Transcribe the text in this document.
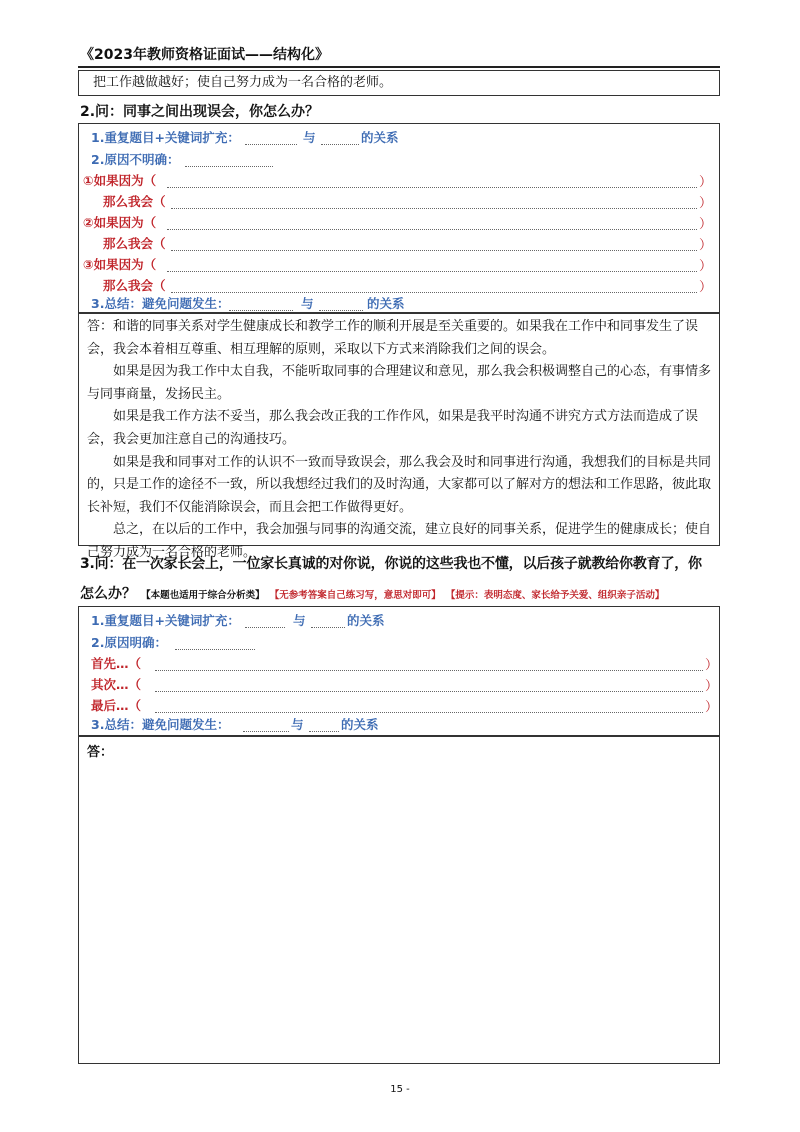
《2023年教师资格证面试——结构化》
把工作越做越好；使自己努力成为一名合格的老师。
2.问：同事之间出现误会，你怎么办？
1.重复题目+关键词扩充：	与	的关系
2.原因不明确：
①如果因为（	）
那么我会（	）
②如果因为（	）
那么我会（	）
③如果因为（	）
那么我会（	）
3.总结：避免问题发生：	与	的关系

答：和谐的同事关系对学生健康成长和教学工作的顺利开展是至关重要的。如果我在工作中和同事发生了误会，我会本着相互尊重、相互理解的原则，采取以下方式来消除我们之间的误会。

如果是因为我工作中太自我，不能听取同事的合理建议和意见，那么我会积极调整自己的心态，有事情多与同事商量，发扬民主。

如果是我工作方法不妥当，那么我会改正我的工作作风，如果是我平时沟通不讲究方式方法而造成了误会，我会更加注意自己的沟通技巧。

如果是我和同事对工作的认识不一致而导致误会，那么我会及时和同事进行沟通，我想我们的目标是共同的，只是工作的途径不一致，所以我想经过我们的及时沟通，大家都可以了解对方的想法和工作思路，彼此取长补短，我们不仅能消除误会，而且会把工作做得更好。

总之，在以后的工作中，我会加强与同事的沟通交流，建立良好的同事关系，促进学生的健康成长；使自己努力成为一名合格的老师。

3.问：在一次家长会上，一位家长真诚的对你说，你说的这些我也不懂，以后孩子就教给你教育了，你
怎么办？ 【本题也适用于综合分析类】 【无参考答案自己练习写，意思对即可】 【提示：表明态度、家长给予关爱、组织亲子活动】
1.重复题目+关键词扩充：	与	的关系
2.原因明确：
首先…（	）
其次…（	）
最后…（	）
3.总结：避免问题发生：	与	的关系
答：
15 -
